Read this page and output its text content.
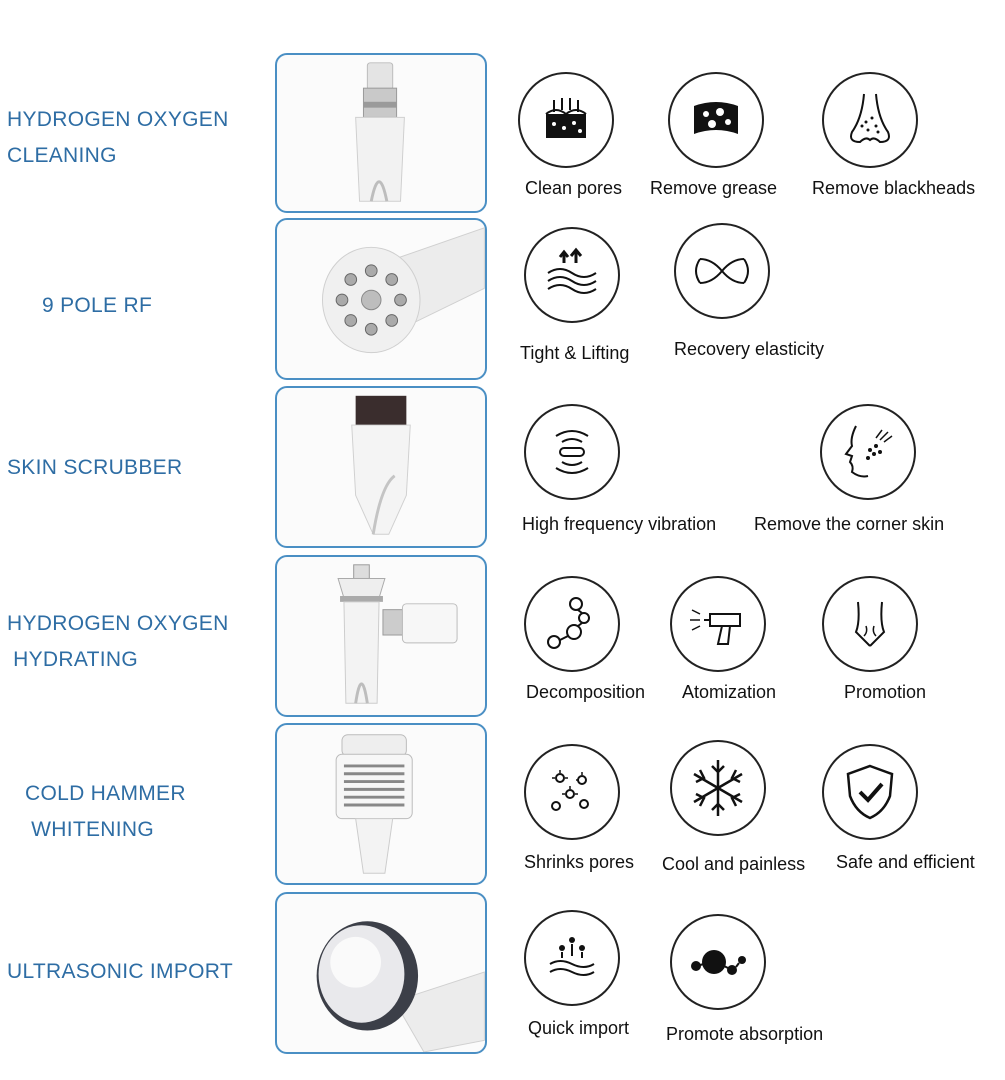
HYDROGEN OXYGEN
CLEANING
Clean pores Remove grease Remove blackheads
9 POLE RF
Tight & Lifting Recovery elasticity
SKIN SCRUBBER
High frequency vibration Remove the corner skin
HYDROGEN OXYGEN
HYDRATING
Decomposition Atomization	Promotion
COLD HAMMER
WHITENING
Shrinks pores Cool and painless Safe and efficient
ULTRASONIC IMPORT
Quick import Promote absorption
